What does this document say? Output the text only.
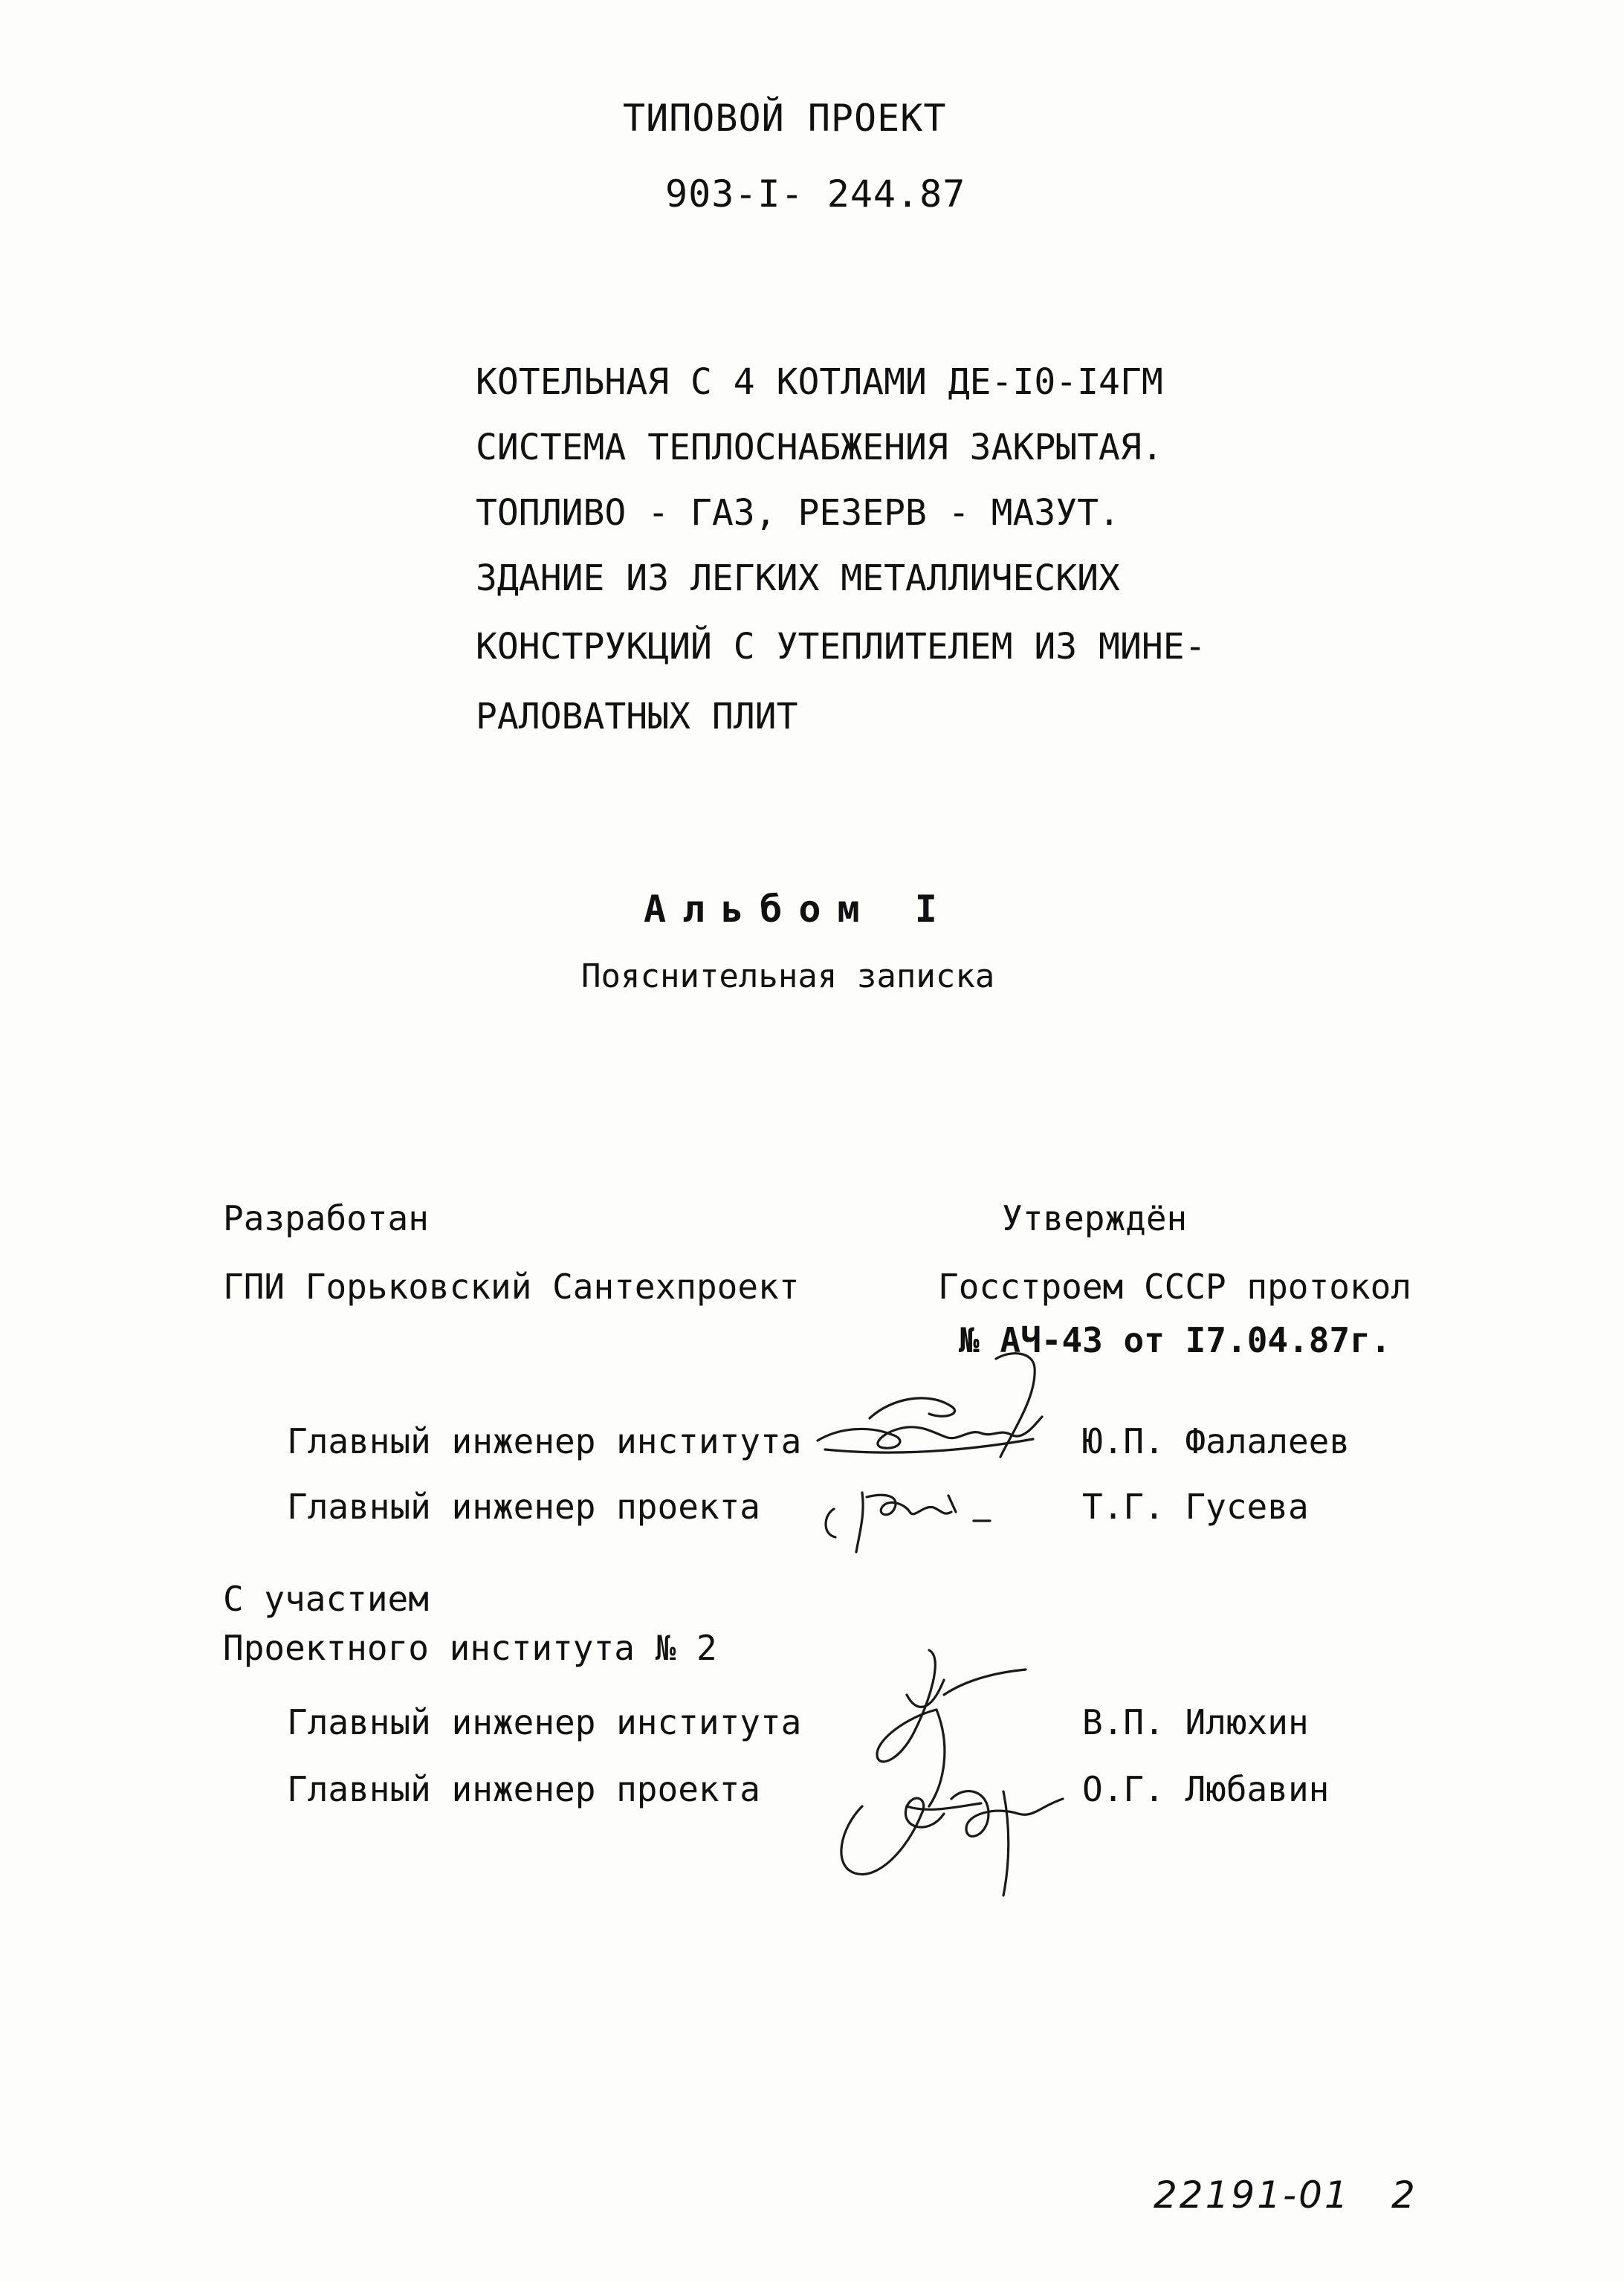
ТИПОВОЙ ПРОЕКТ
903-I- 244.87
КОТЕЛЬНАЯ С 4 КОТЛАМИ ДЕ-I0-I4ГМ
СИСТЕМА ТЕПЛОСНАБЖЕНИЯ ЗАКРЫТАЯ.
ТОПЛИВО - ГАЗ, РЕЗЕРВ - МАЗУТ.
ЗДАНИЕ ИЗ ЛЕГКИХ МЕТАЛЛИЧЕСКИХ
КОНСТРУКЦИЙ С УТЕПЛИТЕЛЕМ ИЗ МИНЕ-
РАЛОВАТНЫХ ПЛИТ
Альбом I
Пояснительная записка
Разработан	Утверждён
ГПИ Горьковский Сантехпроект	Госстроем СССР протокол
№ АЧ-43 от I7.04.87г.
Главный инженер института	Ю.П. Фалалеев
Главный инженер проекта	Т.Г. Гусева
С участием
Проектного института № 2
Главный инженер института	В.П. Илюхин
Главный инженер проекта	О.Г. Любавин
22191-01 2
